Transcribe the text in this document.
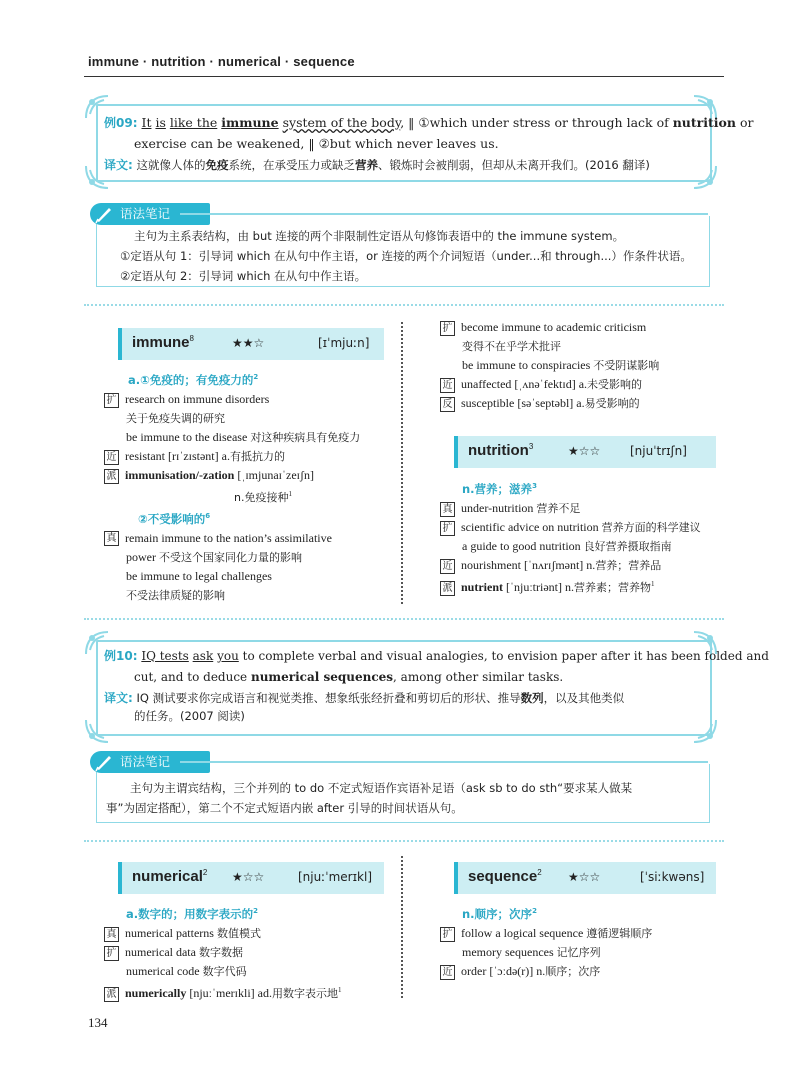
immune · nutrition · numerical · sequence
例09: It is like the immune system of the body, ‖ ①which under stress or through lack of nutrition or
exercise can be weakened, ‖ ②but which never leaves us.
译文: 这就像人体的免疫系统，在承受压力或缺乏营养、锻炼时会被削弱，但却从未离开我们。(2016 翻译)
语法笔记
主句为主系表结构，由 but 连接的两个非限制性定语从句修饰表语中的 the immune system。
①定语从句 1：引导词 which 在从句中作主语，or 连接的两个介词短语（under...和 through...）作条件状语。
②定语从句 2：引导词 which 在从句中作主语。
immune$^8$	★★☆	[ɪˈmjuːn]
a.①免疫的；有免疫力的$^2$
扩 research on immune disorders
关于免疫失调的研究
be immune to the disease 对这种疾病具有免疫力
近 resistant [rɪˈzɪstənt] a.有抵抗力的
派 immunisation/-zation [ˌɪmjunaɪˈzeɪʃn]
n.免疫接种$^1$
②不受影响的$^6$
真 remain immune to the nation’s assimilative
power 不受这个国家同化力量的影响
be immune to legal challenges
不受法律质疑的影响
扩 become immune to academic criticism
变得不在乎学术批评
be immune to conspiracies 不受阴谋影响
近 unaffected [ˌʌnəˈfektɪd] a.未受影响的
反 susceptible [səˈseptəbl] a.易受影响的
nutrition$^3$	★☆☆ [njuˈtrɪʃn]
n.营养；滋养$^3$
真 under-nutrition 营养不足
扩 scientific advice on nutrition 营养方面的科学建议
a guide to good nutrition 良好营养摄取指南
近 nourishment [ˈnʌrɪʃmənt] n.营养；营养品
派 nutrient [ˈnjuːtriənt] n.营养素；营养物$^1$
例10: IQ tests ask you to complete verbal and visual analogies, to envision paper after it has been folded and
cut, and to deduce numerical sequences, among other similar tasks.
译文: IQ 测试要求你完成语言和视觉类推、想象纸张经折叠和剪切后的形状、推导数列，以及其他类似
的任务。(2007 阅读)
语法笔记
主句为主谓宾结构，三个并列的 to do 不定式短语作宾语补足语（ask sb to do sth“要求某人做某
事”为固定搭配），第二个不定式短语内嵌 after 引导的时间状语从句。
numerical$^2$ ★☆☆	[njuːˈmerɪkl]
a.数字的；用数字表示的$^2$
真 numerical patterns 数值模式
扩 numerical data 数字数据
numerical code 数字代码
派 numerically [njuːˈmerɪkli] ad.用数字表示地$^1$
sequence$^2$ ★☆☆	[ˈsiːkwəns]
n.顺序；次序$^2$
扩 follow a logical sequence 遵循逻辑顺序
memory sequences 记忆序列
近 order [ˈɔːdə(r)] n.顺序；次序
134
